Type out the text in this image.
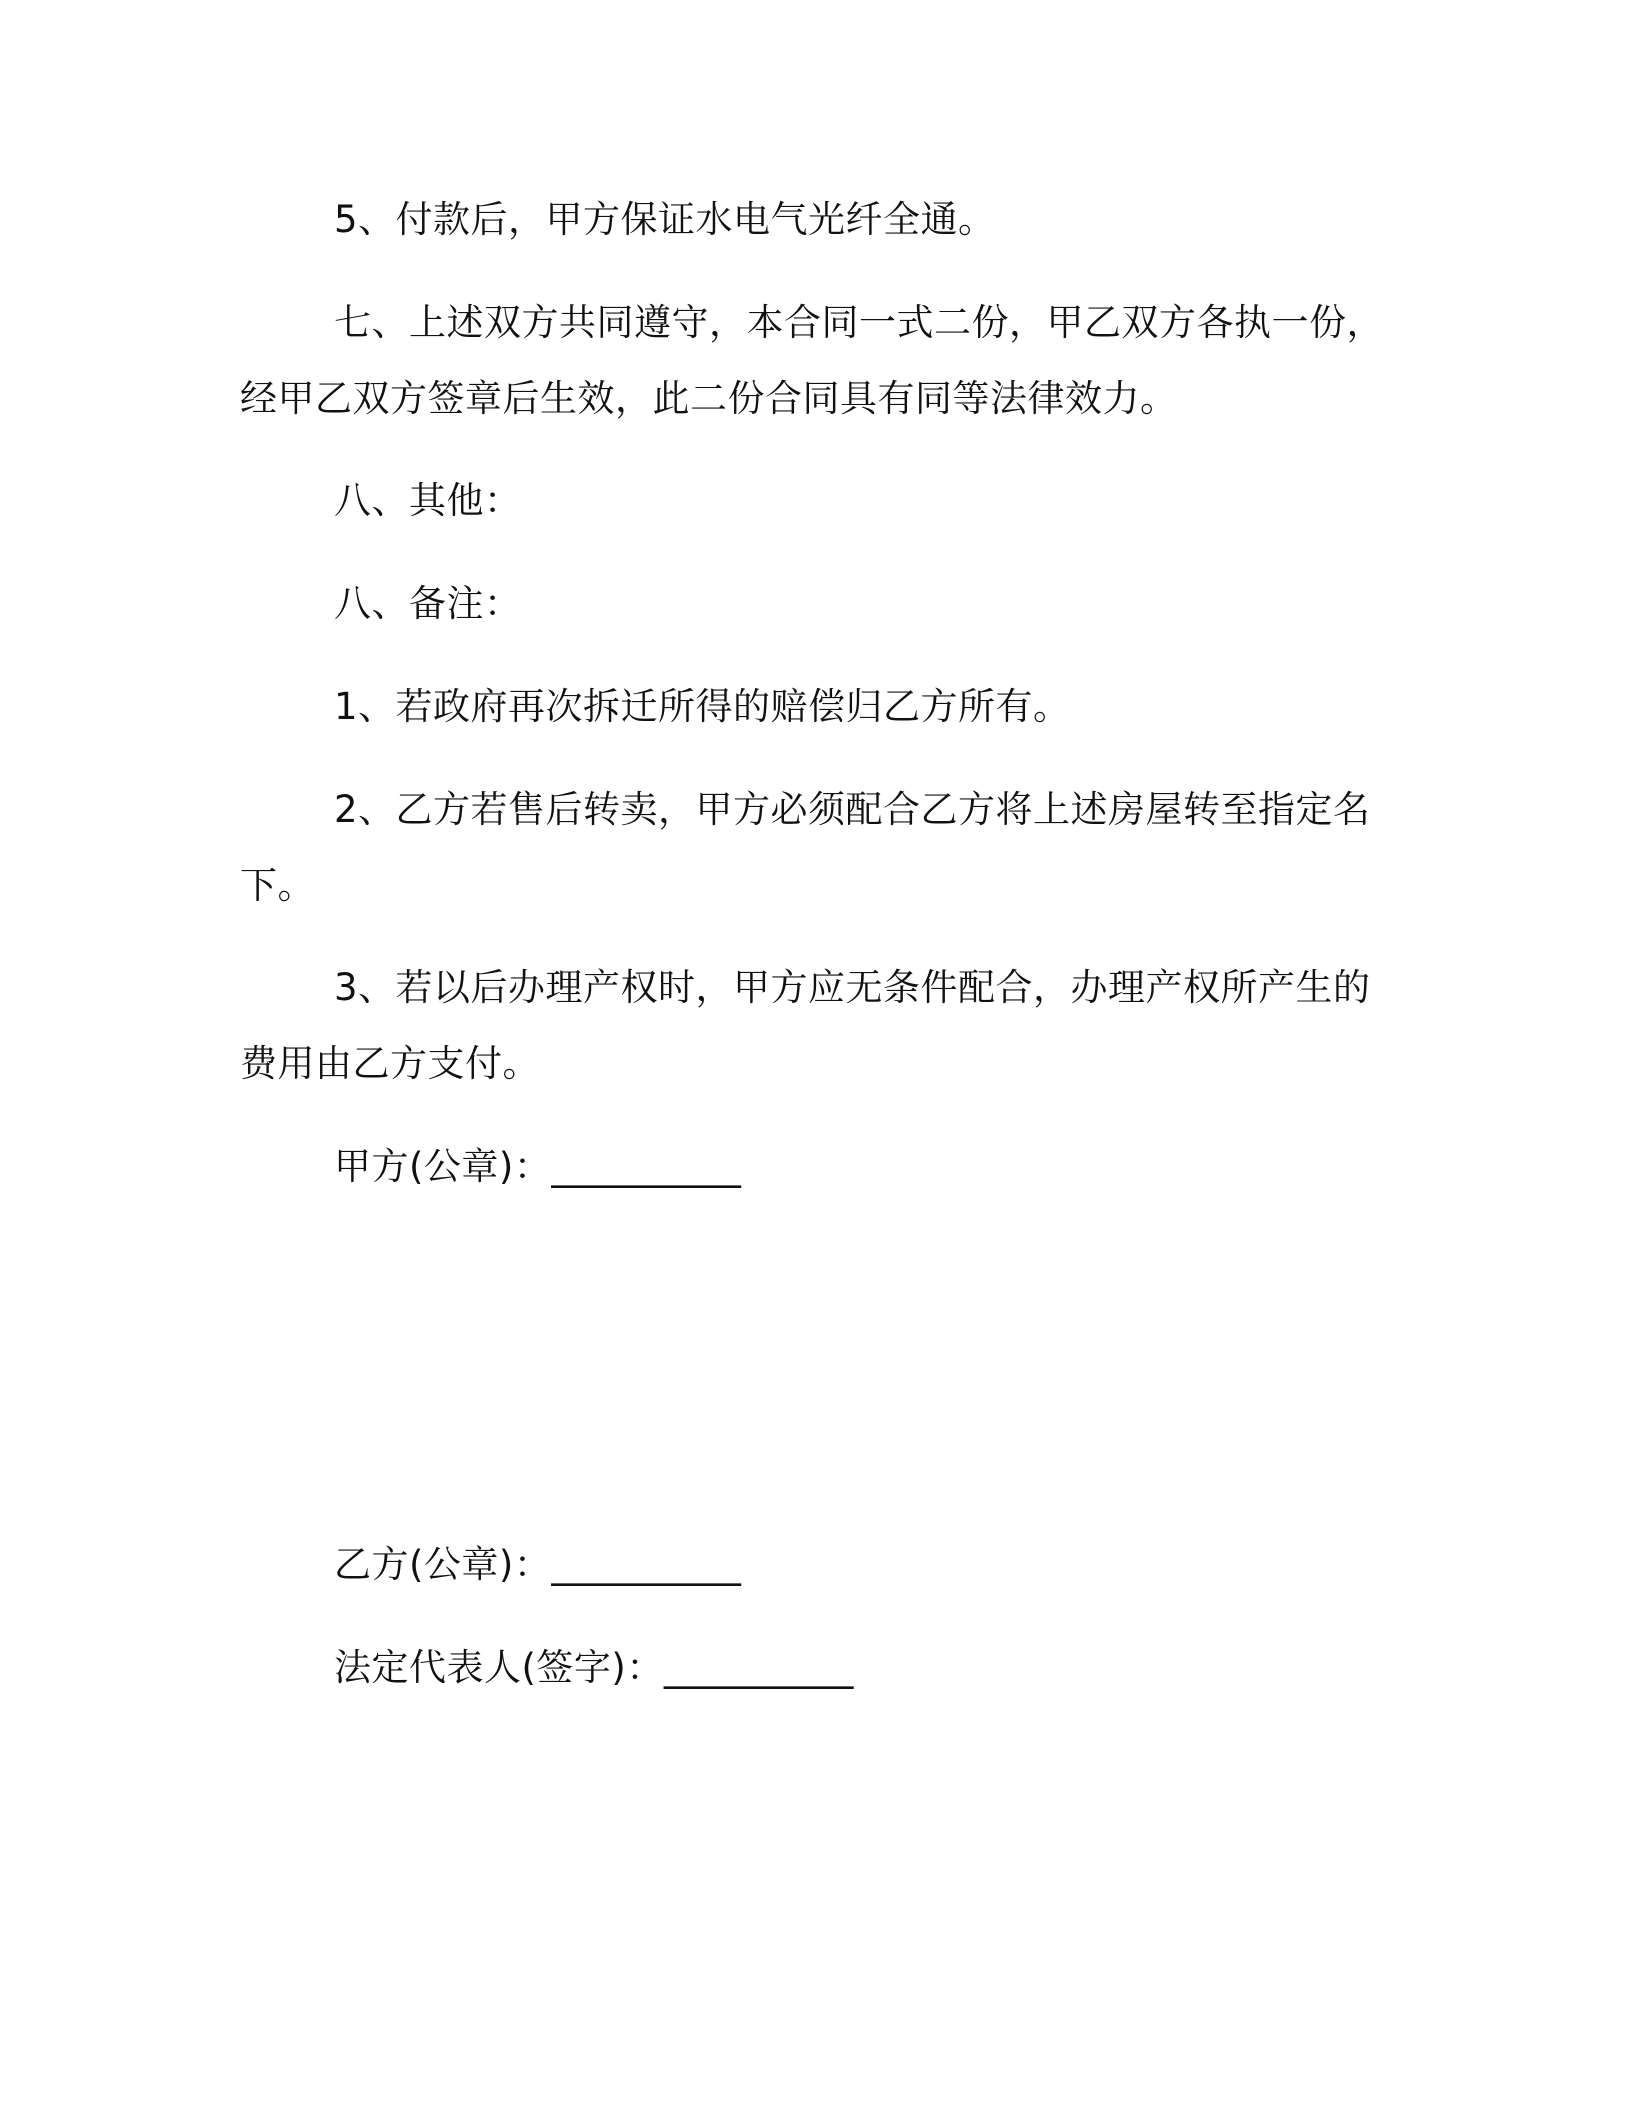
5、付款后，甲方保证水电气光纤全通。

七、上述双方共同遵守，本合同一式二份，甲乙双方各执一份，

经甲乙双方签章后生效，此二份合同具有同等法律效力。

八、其他：

八、备注：

1、若政府再次拆迁所得的赔偿归乙方所有。

2、乙方若售后转卖，甲方必须配合乙方将上述房屋转至指定名

下。

3、若以后办理产权时，甲方应无条件配合，办理产权所产生的

费用由乙方支付。

甲方(公章)：__________

乙方(公章)：__________

法定代表人(签字)：__________
